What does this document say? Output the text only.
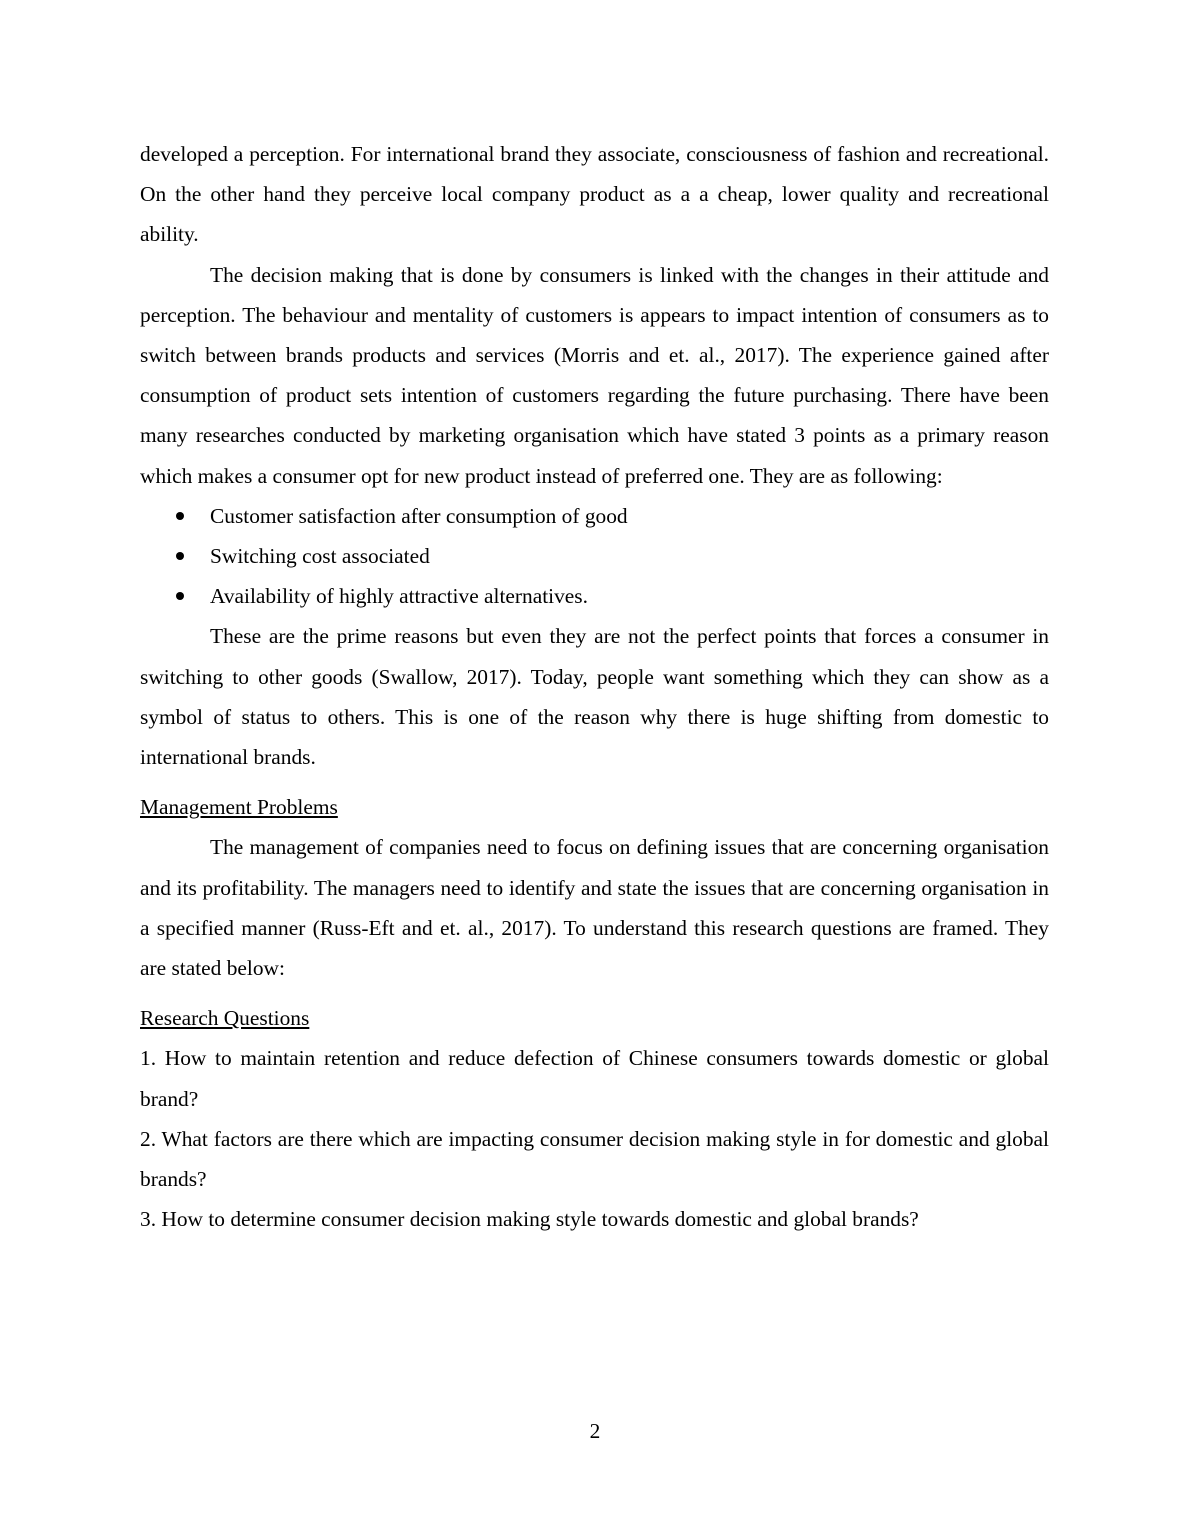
developed a perception. For international brand they associate, consciousness of fashion and recreational. On the other hand they perceive local company product as a a cheap, lower quality and recreational ability.

The decision making that is done by consumers is linked with the changes in their attitude and perception. The behaviour and mentality of customers is appears to impact intention of consumers as to switch between brands products and services (Morris and et. al., 2017). The experience gained after consumption of product sets intention of customers regarding the future purchasing. There have been many researches conducted by marketing organisation which have stated 3 points as a primary reason which makes a consumer opt for new product instead of preferred one. They are as following:

Customer satisfaction after consumption of good
Switching cost associated
Availability of highly attractive alternatives.

These are the prime reasons but even they are not the perfect points that forces a consumer in switching to other goods (Swallow, 2017). Today, people want something which they can show as a symbol of status to others. This is one of the reason why there is huge shifting from domestic to international brands.

Management Problems

The management of companies need to focus on defining issues that are concerning organisation and its profitability. The managers need to identify and state the issues that are concerning organisation in a specified manner (Russ-Eft and et. al., 2017). To understand this research questions are framed. They are stated below:

Research Questions

1. How to maintain retention and reduce defection of Chinese consumers towards domestic or global brand?

2. What factors are there which are impacting consumer decision making style in for domestic and global brands?

3. How to determine consumer decision making style towards domestic and global brands?

2
